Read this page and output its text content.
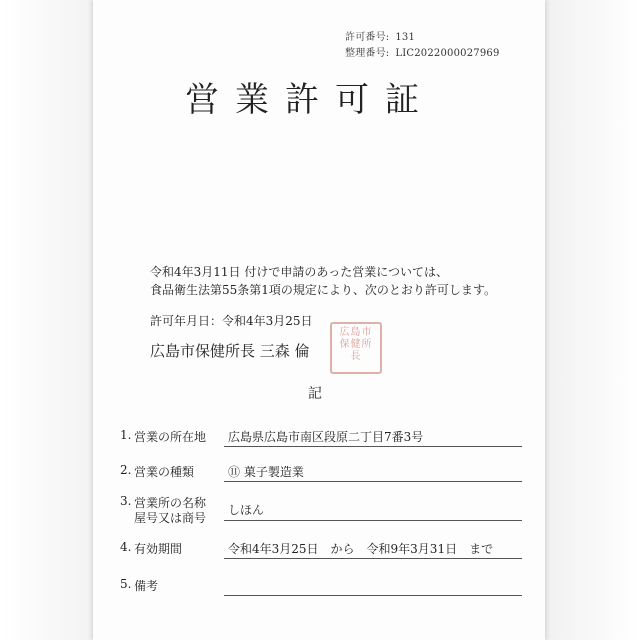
許可番号: 131
整理番号: LIC2022000027969
営業許可証
令和4年3月11日 付けで申請のあった営業については、
食品衛生法第55条第1項の規定により、次のとおり許可します。
許可年月日：令和4年3月25日
広島市保健所長 三森 倫
広島市
保健所長
記
1. 営業の所在地 広島県広島市南区段原二丁目7番3号
2. 営業の種類	⑪ 菓子製造業
3. 営業所の名称
屋号又は商号
しほん
4. 有効期間	令和4年3月25日　から　令和9年3月31日　まで
5. 備考
